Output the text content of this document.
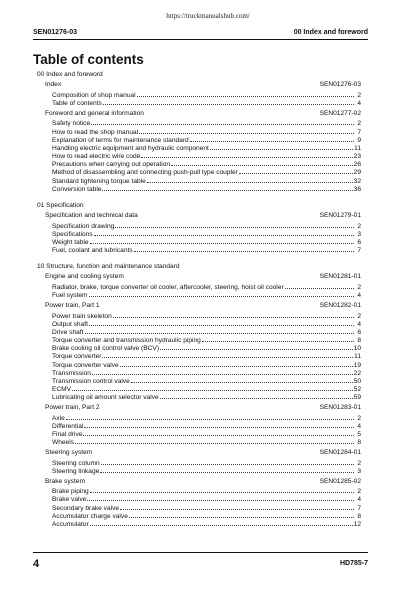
https://truckmanualshub.com/
SEN01276-03	00 Index and foreword
Table of contents
00 Index and foreword
Index	SEN01276-03
Composition of shop manual	2
Table of contents	4
Foreword and general information	SEN01277-02
Safety notice	2
How to read the shop manual	7
Explanation of terms for maintenance standard	9
Handling electric equipment and hydraulic component	11
How to read electric wire code	23
Precautions when carrying out operation	26
Method of disassembling and connecting push-pull type coupler	29
Standard tightening torque table	32
Conversion table	36
01 Specification
Specification and technical data	SEN01279-01
Specification drawing	2
Specifications	3
Weight table	6
Fuel, coolant and lubricants	7
10 Structure, function and maintenance standard
Engine and cooling system	SEN01281-01
Radiator, brake, torque converter oil cooler, aftercooler, steering, hoist oil cooler	2
Fuel system	4
Power train, Part 1	SEN01282-01
Power train skeleton	2
Output shaft	4
Drive shaft	6
Torque converter and transmission hydraulic piping	8
Brake cooling oil control valve (BCV)	10
Torque converter	11
Torque converter valve	19
Transmission	22
Transmission control valve	50
ECMV	52
Lubricating oil amount selector valve	59
Power train, Part 2	SEN01283-01
Axle	2
Differential	4
Final drive	5
Wheels	8
Steering system	SEN01284-01
Steering column	2
Steering linkage	3
Brake system	SEN01285-02
Brake piping	2
Brake valve	4
Secondary brake valve	7
Accumulator charge valve	8
Accumulator	12
4	HD785-7
